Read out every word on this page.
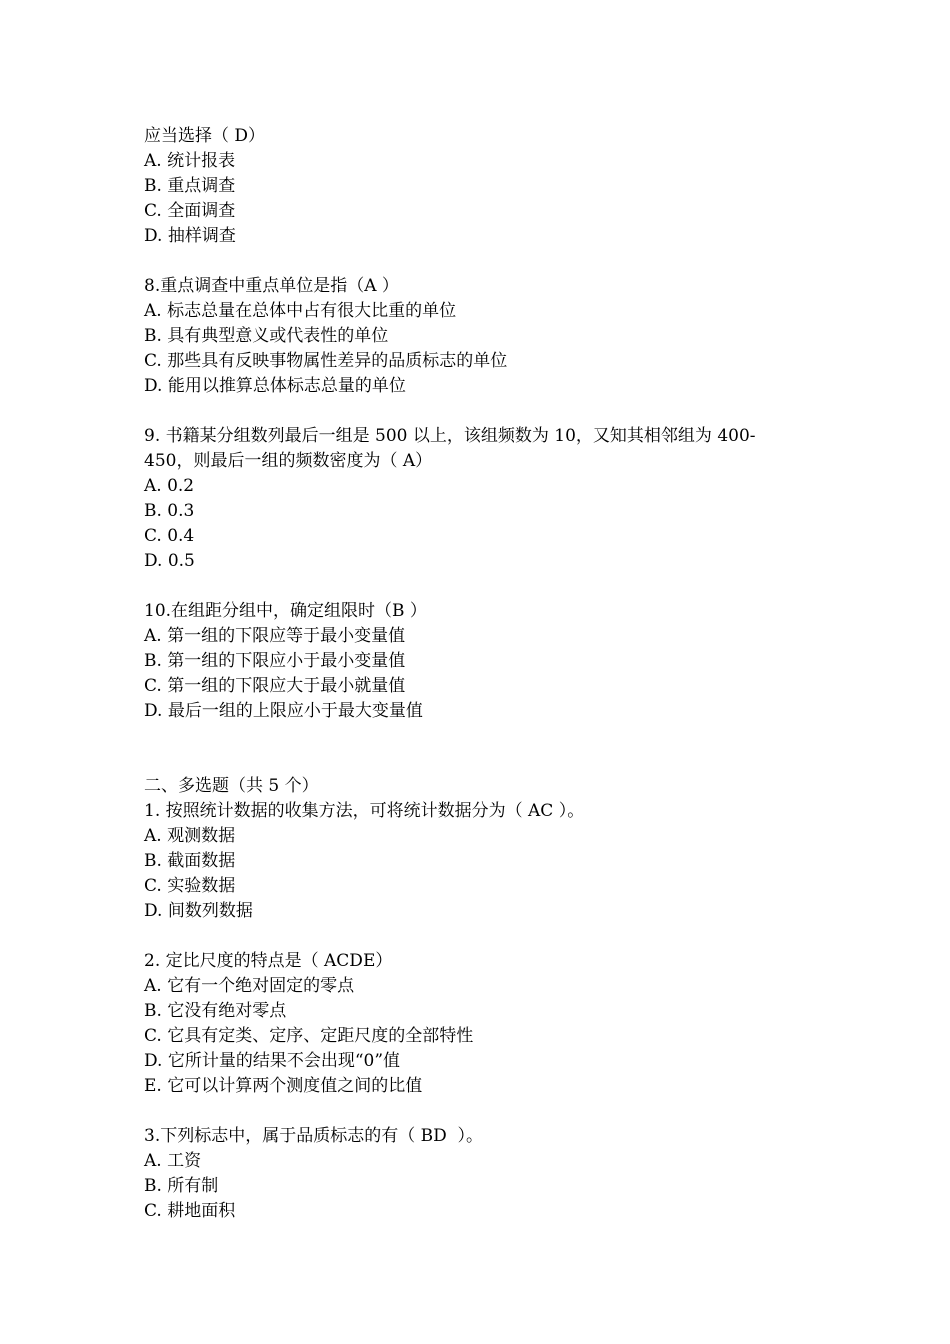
应当选择（ D）
A. 统计报表
B. 重点调查
C. 全面调查
D. 抽样调查
8.重点调查中重点单位是指（A ）
A. 标志总量在总体中占有很大比重的单位
B. 具有典型意义或代表性的单位
C. 那些具有反映事物属性差异的品质标志的单位
D. 能用以推算总体标志总量的单位
9. 书籍某分组数列最后一组是 500 以上，该组频数为 10，又知其相邻组为 400-
450，则最后一组的频数密度为（ A）
A. 0.2
B. 0.3
C. 0.4
D. 0.5
10.在组距分组中，确定组限时（B ）
A. 第一组的下限应等于最小变量值
B. 第一组的下限应小于最小变量值
C. 第一组的下限应大于最小就量值
D. 最后一组的上限应小于最大变量值
二、多选题（共 5 个）
1. 按照统计数据的收集方法，可将统计数据分为（ AC ）。
A. 观测数据
B. 截面数据
C. 实验数据
D. 间数列数据
2. 定比尺度的特点是（ ACDE）
A. 它有一个绝对固定的零点
B. 它没有绝对零点
C. 它具有定类、定序、定距尺度的全部特性
D. 它所计量的结果不会出现“0”值
E. 它可以计算两个测度值之间的比值
3.下列标志中，属于品质标志的有（ BD  ）。
A. 工资
B. 所有制
C. 耕地面积
